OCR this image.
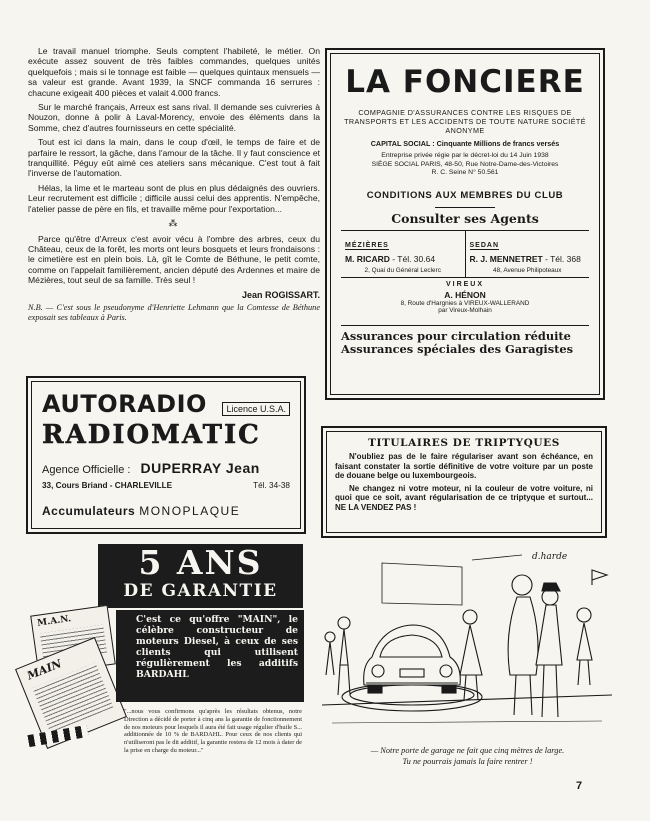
Le travail manuel triomphe. Seuls comptent l'habileté, le métier. On exécute assez souvent de très faibles commandes, quelques unités quelquefois ; mais si le tonnage est faible — quelques quintaux mensuels — sa valeur est grande. Avant 1939, la SNCF commanda 16 serrures : chacune exigeait 400 pièces et valait 4.000 francs.

Sur le marché français, Arreux est sans rival. Il demande ses cuivreries à Nouzon, donne à polir à Laval-Morency, envoie des éléments dans la Somme, chez d'autres fournisseurs en cette spécialité.

Tout est ici dans la main, dans le coup d'œil, le temps de faire et de parfaire le ressort, la gâche, dans l'amour de la tâche. Il y faut conscience et tranquillité. Péguy eût aimé ces ateliers sans mécanique. C'est tout à fait l'inverse de l'automation.

Hélas, la lime et le marteau sont de plus en plus dédaignés des ouvriers. Leur recrutement est difficile ; difficile aussi celui des apprentis. N'empêche, l'atelier passe de père en fils, et travaille même pour l'exportation...

⁂

Parce qu'être d'Arreux c'est avoir vécu à l'ombre des arbres, ceux du Château, ceux de la forêt, les morts ont leurs bosquets et leurs frondaisons : le cimetière est en plein bois. Là, gît le Comte de Béthune, le petit comte, comme on l'appelait familièrement, ancien député des Ardennes et maire de Mézières, tout seul de sa famille. Très seul !

Jean ROGISSART.

N.B. — C'est sous le pseudonyme d'Henriette Lehmann que la Comtesse de Béthune exposait ses tableaux à Paris.

LA FONCIERE
COMPAGNIE D'ASSURANCES CONTRE LES RISQUES DE TRANSPORTS ET LES ACCIDENTS DE TOUTE NATURE SOCIÉTÉ ANONYME
CAPITAL SOCIAL : Cinquante Millions de francs versés
Entreprise privée régie par le décret-loi du 14 Juin 1938
SIÈGE SOCIAL PARIS, 48-50, Rue Notre-Dame-des-Victoires
R. C. Seine N° 50.561
CONDITIONS AUX MEMBRES DU CLUB
Consulter ses Agents
MÉZIÈRES
M. RICARD - Tél. 30.64
2, Quai du Général Leclerc
SEDAN
R. J. MENNETRET - Tél. 368
48, Avenue Philipoteaux
VIREUX
A. HÉNON
8, Route d'Hargnies à VIREUX-WALLERAND
par Vireux-Molhain
Assurances pour circulation réduite
Assurances spéciales des Garagistes
AUTORADIO	Licence U.S.A.
RADIOMATIC
Agence Officielle : DUPERRAY Jean
33, Cours Briand - CHARLEVILLE	Tél. 34-38
Accumulateurs MONOPLAQUE
TITULAIRES DE TRIPTYQUES

N'oubliez pas de le faire régulariser avant son échéance, en faisant constater la sortie définitive de votre voiture par un poste de douane belge ou luxembourgeois.

Ne changez ni votre moteur, ni la couleur de votre voiture, ni quoi que ce soit, avant régularisation de ce triptyque et surtout... NE LA VENDEZ PAS !

5 ANS
DE GARANTIE
M.A.N.
MAIN
C'est ce qu'offre "MAIN", le célèbre constructeur de moteurs Diesel, à ceux de ses clients qui utilisent régulièrement les additifs BARDAHL
"...nous vous confirmons qu'après les résultats obtenus, notre Direction a décidé de porter à cinq ans la garantie de fonctionnement de nos moteurs pour lesquels il aura été fait usage régulier d'huile S... additionnée de 10 % de BARDAHL. Pour ceux de nos clients qui n'utiliseront pas le dit additif, la garantie restera de 12 mois à dater de la prise en charge du moteur..."
d.harde
— Notre porte de garage ne fait que cinq mètres de large.
Tu ne pourrais jamais la faire rentrer !
7
